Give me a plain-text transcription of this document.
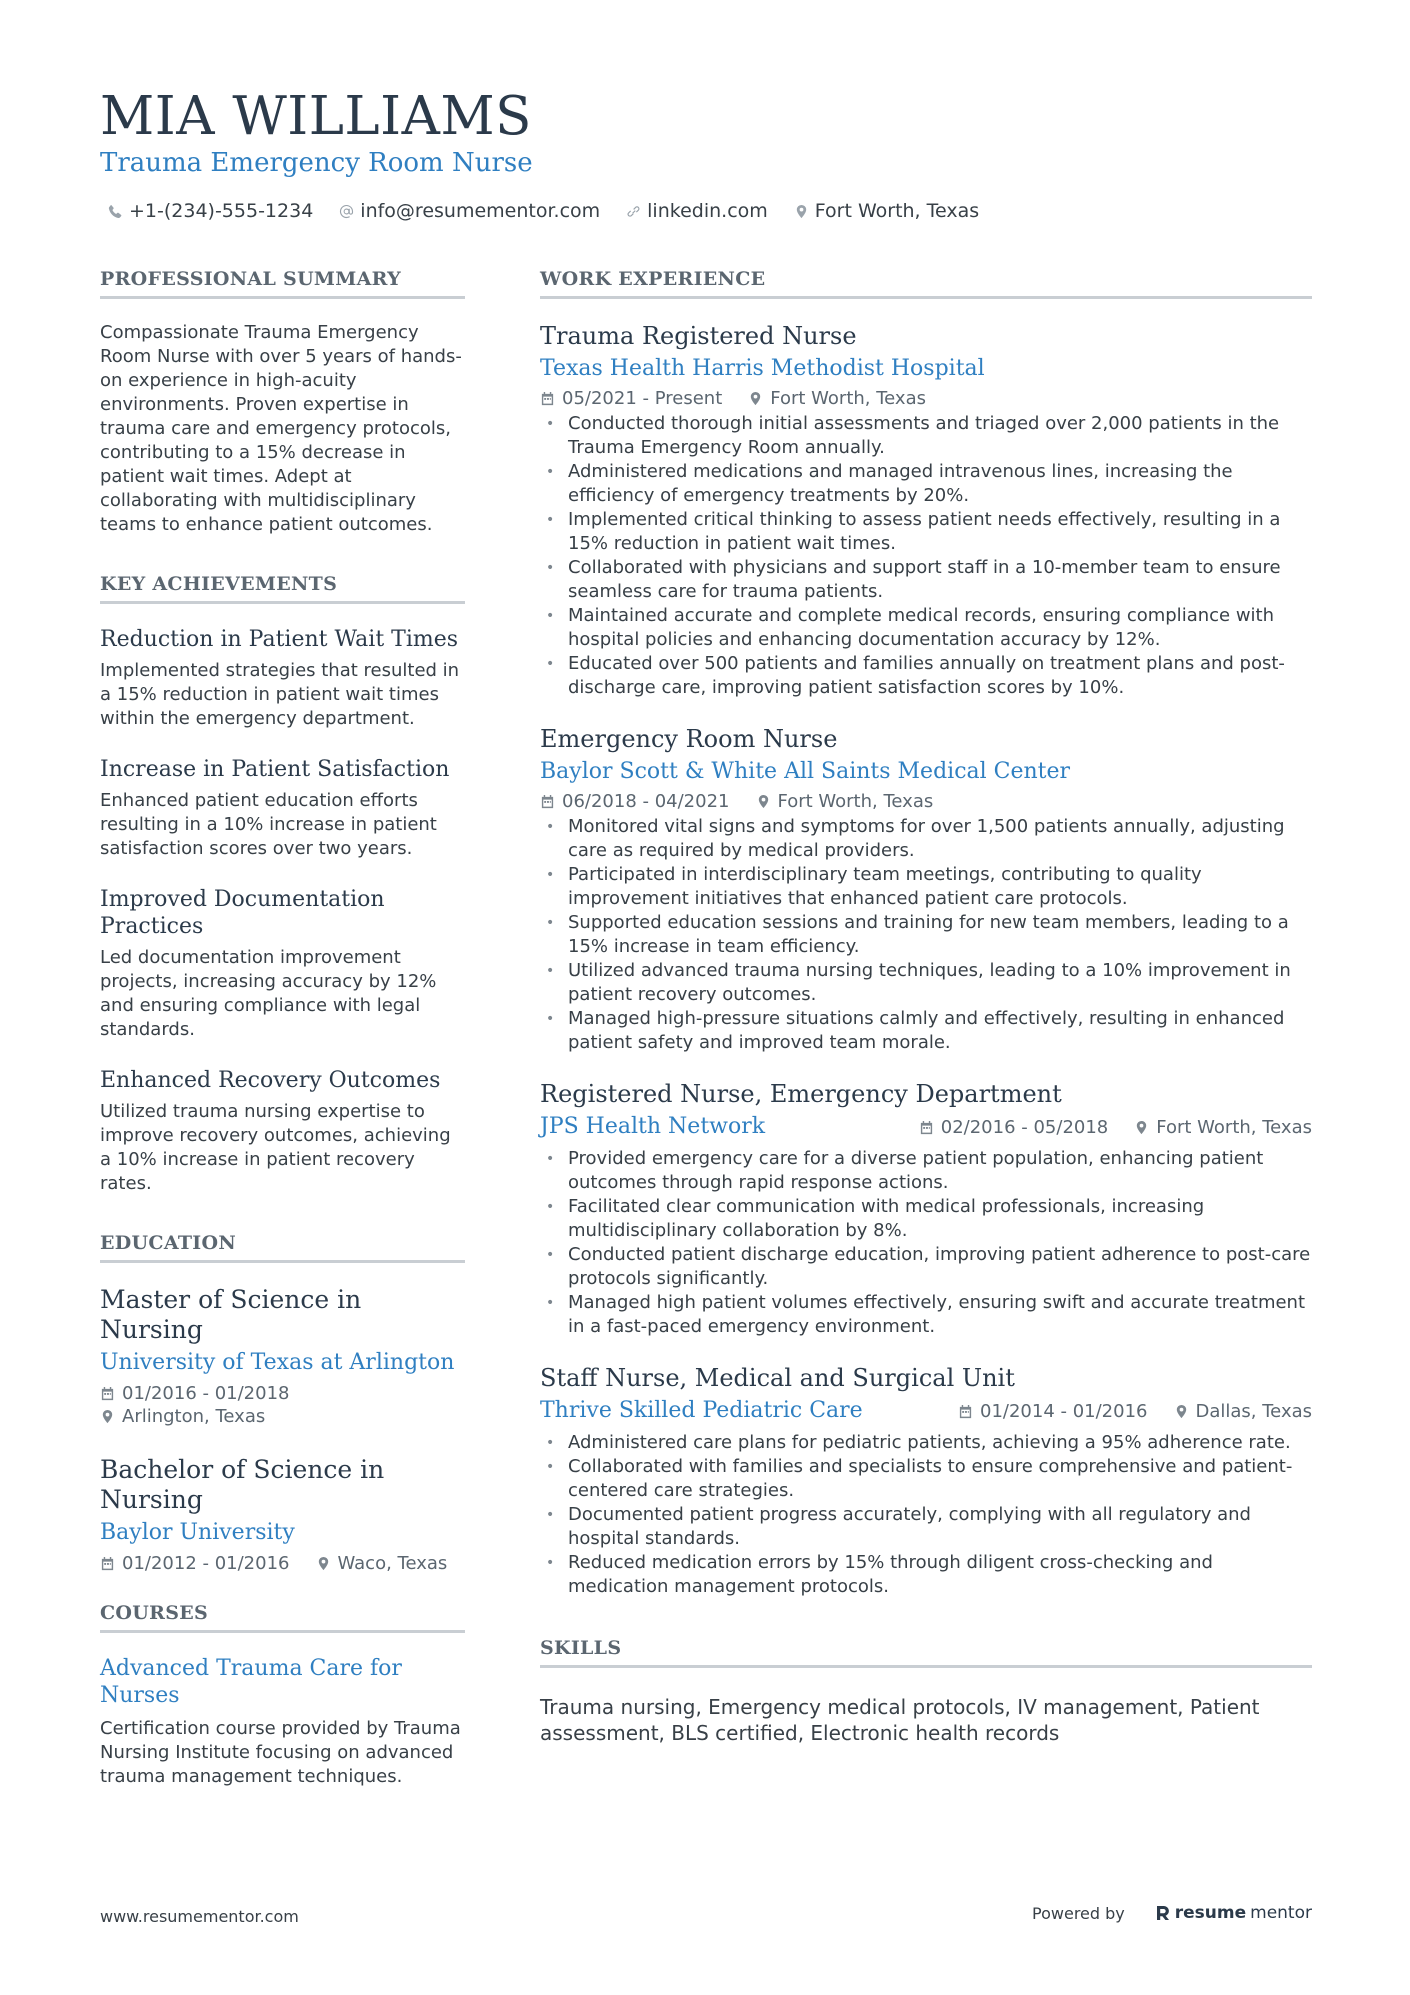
MIA WILLIAMS
Trauma Emergency Room Nurse
+1-(234)-555-1234 info@resumementor.com linkedin.com Fort Worth, Texas
PROFESSIONAL SUMMARY

Compassionate Trauma Emergency Room Nurse with over 5 years of hands-on experience in high-acuity environments. Proven expertise in trauma care and emergency protocols, contributing to a 15% decrease in patient wait times. Adept at collaborating with multidisciplinary teams to enhance patient outcomes.

KEY ACHIEVEMENTS
Reduction in Patient Wait Times

Implemented strategies that resulted in a 15% reduction in patient wait times within the emergency department.

Increase in Patient Satisfaction

Enhanced patient education efforts resulting in a 10% increase in patient satisfaction scores over two years.

Improved Documentation Practices

Led documentation improvement projects, increasing accuracy by 12% and ensuring compliance with legal standards.

Enhanced Recovery Outcomes

Utilized trauma nursing expertise to improve recovery outcomes, achieving a 10% increase in patient recovery rates.

EDUCATION
Master of Science in Nursing
University of Texas at Arlington
01/2016 - 01/2018
Arlington, Texas
Bachelor of Science in Nursing
Baylor University
01/2012 - 01/2016	Waco, Texas
COURSES
Advanced Trauma Care for Nurses

Certification course provided by Trauma Nursing Institute focusing on advanced trauma management techniques.

WORK EXPERIENCE
Trauma Registered Nurse
Texas Health Harris Methodist Hospital
05/2021 - Present	Fort Worth, Texas
• Conducted thorough initial assessments and triaged over 2,000 patients in the Trauma Emergency Room annually.
• Administered medications and managed intravenous lines, increasing the efficiency of emergency treatments by 20%.
• Implemented critical thinking to assess patient needs effectively, resulting in a 15% reduction in patient wait times.
• Collaborated with physicians and support staff in a 10-member team to ensure seamless care for trauma patients.
• Maintained accurate and complete medical records, ensuring compliance with hospital policies and enhancing documentation accuracy by 12%.
• Educated over 500 patients and families annually on treatment plans and post-discharge care, improving patient satisfaction scores by 10%.
Emergency Room Nurse
Baylor Scott & White All Saints Medical Center
06/2018 - 04/2021	Fort Worth, Texas
• Monitored vital signs and symptoms for over 1,500 patients annually, adjusting care as required by medical providers.
• Participated in interdisciplinary team meetings, contributing to quality improvement initiatives that enhanced patient care protocols.
• Supported education sessions and training for new team members, leading to a 15% increase in team efficiency.
• Utilized advanced trauma nursing techniques, leading to a 10% improvement in patient recovery outcomes.
• Managed high-pressure situations calmly and effectively, resulting in enhanced patient safety and improved team morale.
Registered Nurse, Emergency Department
JPS Health Network	02/2016 - 05/2018	Fort Worth, Texas
• Provided emergency care for a diverse patient population, enhancing patient outcomes through rapid response actions.
• Facilitated clear communication with medical professionals, increasing multidisciplinary collaboration by 8%.
• Conducted patient discharge education, improving patient adherence to post-care protocols significantly.
• Managed high patient volumes effectively, ensuring swift and accurate treatment in a fast-paced emergency environment.
Staff Nurse, Medical and Surgical Unit
Thrive Skilled Pediatric Care	01/2014 - 01/2016	Dallas, Texas
• Administered care plans for pediatric patients, achieving a 95% adherence rate.
• Collaborated with families and specialists to ensure comprehensive and patient-centered care strategies.
• Documented patient progress accurately, complying with all regulatory and hospital standards.
• Reduced medication errors by 15% through diligent cross-checking and medication management protocols.
SKILLS

Trauma nursing, Emergency medical protocols, IV management, Patient assessment, BLS certified, Electronic health records

www.resumementor.com	Powered by	resume mentor
